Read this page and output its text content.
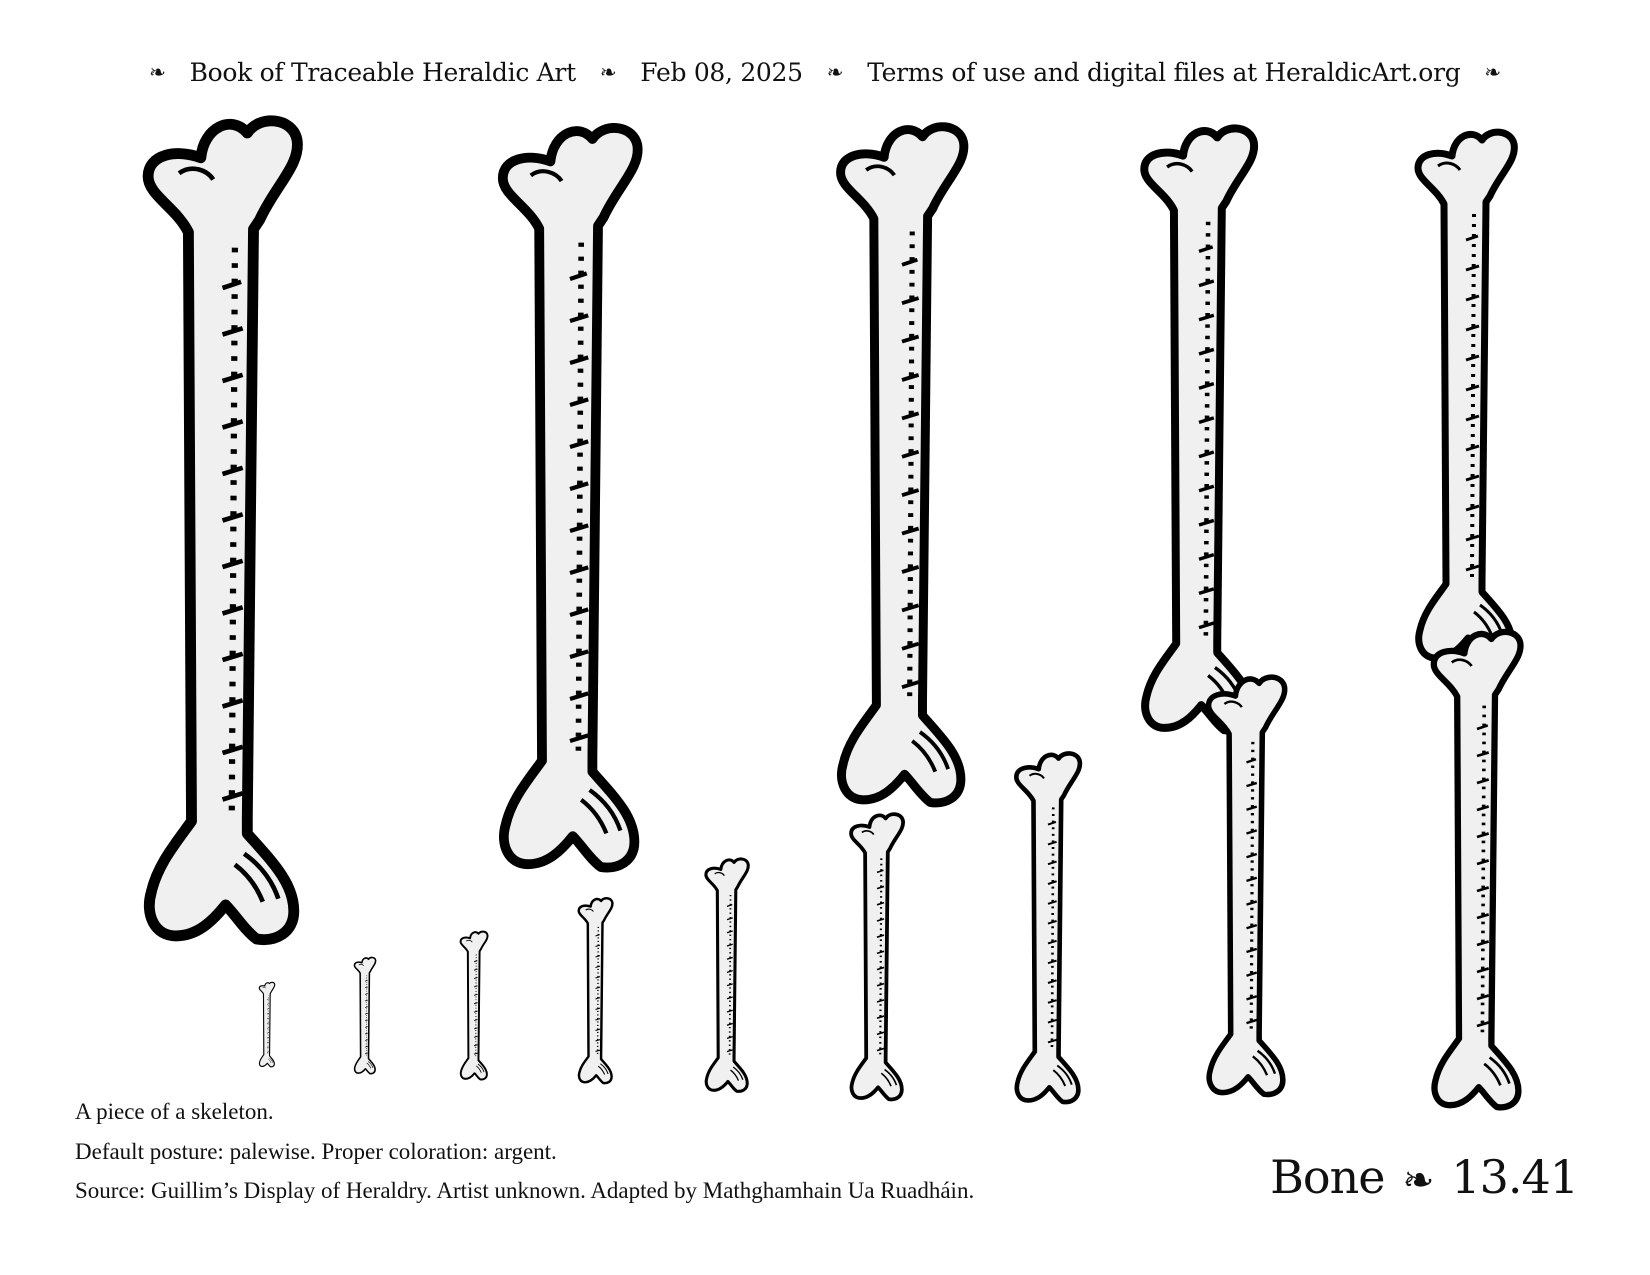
❧ Book of Traceable Heraldic Art ❧ Feb 08, 2025 ❧ Terms of use and digital files at HeraldicArt.org ❧
A piece of a skeleton.
Default posture: palewise. Proper coloration: argent.
Source: Guillim’s Display of Heraldry. Artist unknown. Adapted by Mathghamhain Ua Ruadháin.	Bone ❧ 13.41
